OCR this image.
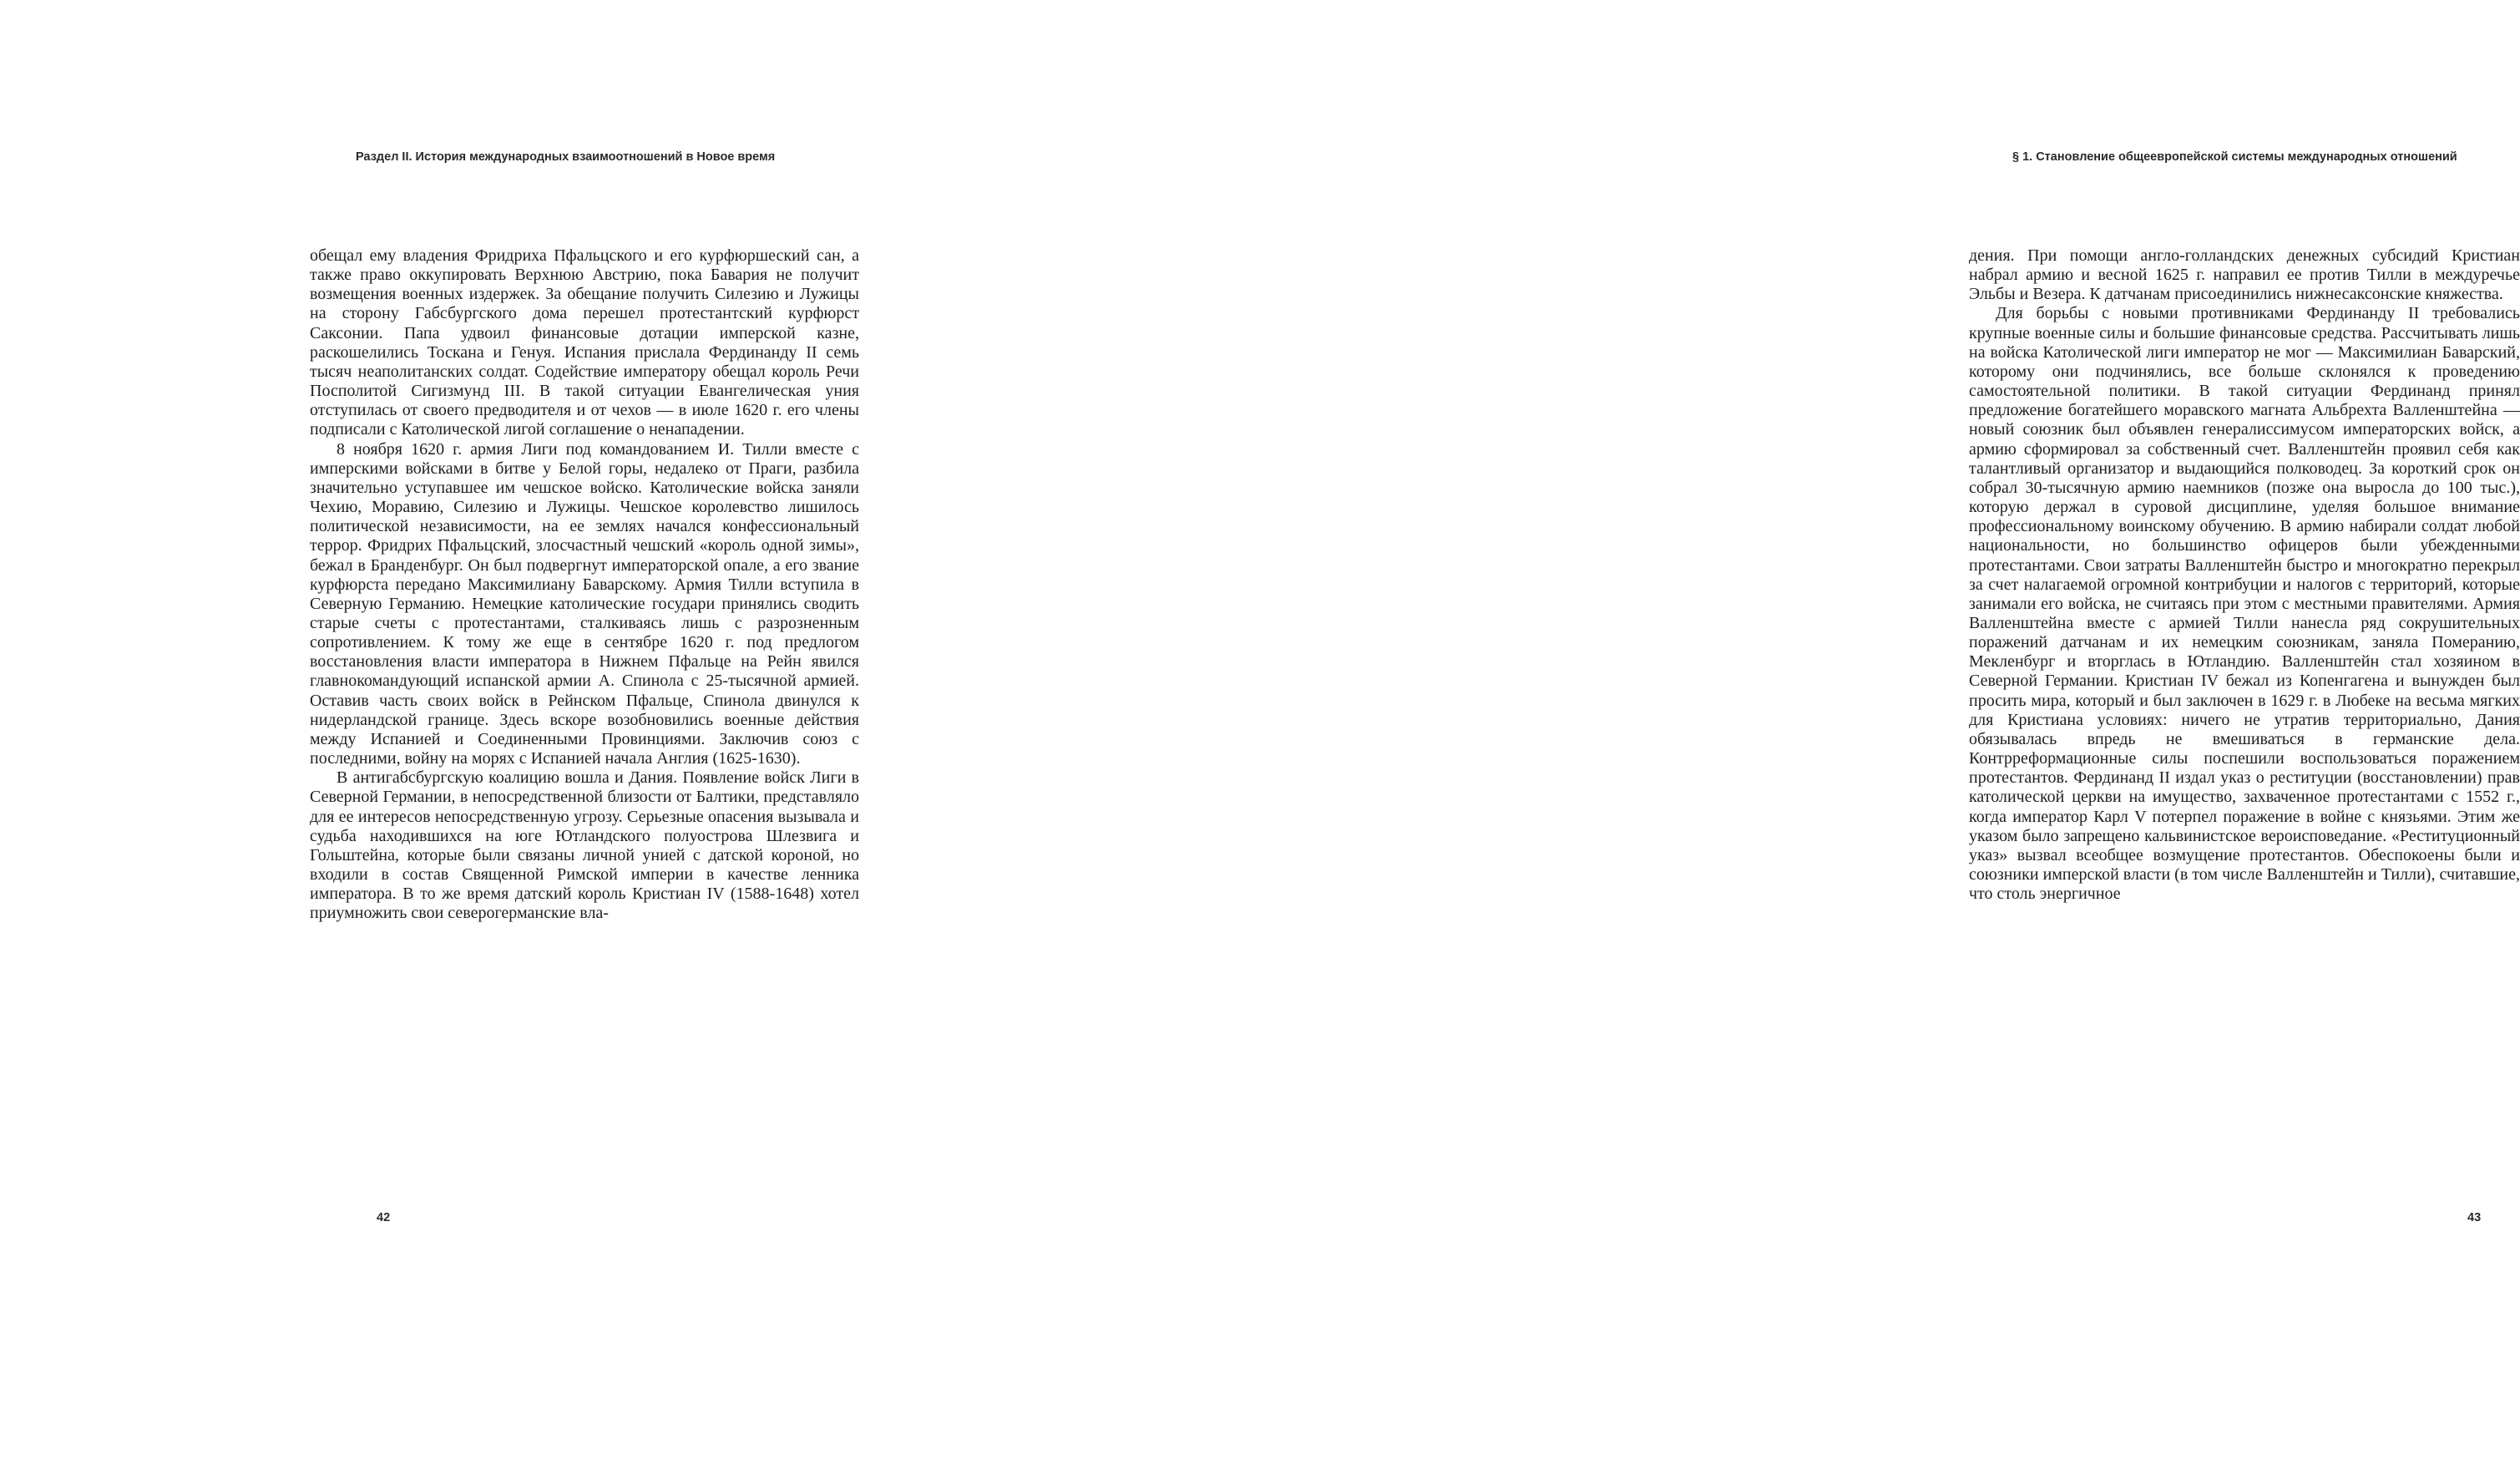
Раздел II. История международных взаимоотношений в Новое время

обещал ему владения Фридриха Пфальцского и его курфюршеский сан, а также право оккупировать Верхнюю Австрию, пока Бавария не получит возмещения военных издержек. За обещание получить Силезию и Лужицы на сторону Габсбургского дома перешел протестантский курфюрст Саксонии. Папа удвоил финансовые дотации имперской казне, раскошелились Тоскана и Генуя. Испания прислала Фердинанду II семь тысяч неаполитанских солдат. Содействие императору обещал король Речи Посполитой Сигизмунд III. В такой ситуации Евангелическая уния отступилась от своего предводителя и от чехов — в июле 1620 г. его члены подписали с Католической лигой соглашение о ненападении.

8 ноября 1620 г. армия Лиги под командованием И. Тилли вместе с имперскими войсками в битве у Белой горы, недалеко от Праги, разбила значительно уступавшее им чешское войско. Католические войска заняли Чехию, Моравию, Силезию и Лужицы. Чешское королевство лишилось политической независимости, на ее землях начался конфессиональный террор. Фридрих Пфальцский, злосчастный чешский «король одной зимы», бежал в Бранденбург. Он был подвергнут императорской опале, а его звание курфюрста передано Максимилиану Баварскому. Армия Тилли вступила в Северную Германию. Немецкие католические государи принялись сводить старые счеты с протестантами, сталкиваясь лишь с разрозненным сопротивлением. К тому же еще в сентябре 1620 г. под предлогом восстановления власти императора в Нижнем Пфальце на Рейн явился главнокомандующий испанской армии А. Спинола с 25-тысячной армией. Оставив часть своих войск в Рейнском Пфальце, Спинола двинулся к нидерландской границе. Здесь вскоре возобновились военные действия между Испанией и Соединенными Провинциями. Заключив союз с последними, войну на морях с Испанией начала Англия (1625-1630).

В антигабсбургскую коалицию вошла и Дания. Появление войск Лиги в Северной Германии, в непосредственной близости от Балтики, представляло для ее интересов непосредственную угрозу. Серьезные опасения вызывала и судьба находившихся на юге Ютландского полуострова Шлезвига и Гольштейна, которые были связаны личной унией с датской короной, но входили в состав Священной Римской империи в качестве ленника императора. В то же время датский король Кристиан IV (1588-1648) хотел приумножить свои северогерманские вла-

42
§ 1. Становление общеевропейской системы международных отношений

дения. При помощи англо-голландских денежных субсидий Кристиан набрал армию и весной 1625 г. направил ее против Тилли в междуречье Эльбы и Везера. К датчанам присоединились нижнесаксонские княжества.

Для борьбы с новыми противниками Фердинанду II требовались крупные военные силы и большие финансовые средства. Рассчитывать лишь на войска Католической лиги император не мог — Максимилиан Баварский, которому они подчинялись, все больше склонялся к проведению самостоятельной политики. В такой ситуации Фердинанд принял предложение богатейшего моравского магната Альбрехта Валленштейна — новый союзник был объявлен генералиссимусом императорских войск, а армию сформировал за собственный счет. Валленштейн проявил себя как талантливый организатор и выдающийся полководец. За короткий срок он собрал 30-тысячную армию наемников (позже она выросла до 100 тыс.), которую держал в суровой дисциплине, уделяя большое внимание профессиональному воинскому обучению. В армию набирали солдат любой национальности, но большинство офицеров были убежденными протестантами. Свои затраты Валленштейн быстро и многократно перекрыл за счет налагаемой огромной контрибуции и налогов с территорий, которые занимали его войска, не считаясь при этом с местными правителями. Армия Валленштейна вместе с армией Тилли нанесла ряд сокрушительных поражений датчанам и их немецким союзникам, заняла Померанию, Мекленбург и вторглась в Ютландию. Валленштейн стал хозяином в Северной Германии. Кристиан IV бежал из Копенгагена и вынужден был просить мира, который и был заключен в 1629 г. в Любеке на весьма мягких для Кристиана условиях: ничего не утратив территориально, Дания обязывалась впредь не вмешиваться в германские дела. Контрреформационные силы поспешили воспользоваться поражением протестантов. Фердинанд II издал указ о реституции (восстановлении) прав католической церкви на имущество, захваченное протестантами с 1552 г., когда император Карл V потерпел поражение в войне с князьями. Этим же указом было запрещено кальвинистское вероисповедание. «Реституционный указ» вызвал всеобщее возмущение протестантов. Обеспокоены были и союзники имперской власти (в том числе Валленштейн и Тилли), считавшие, что столь энергичное

43
